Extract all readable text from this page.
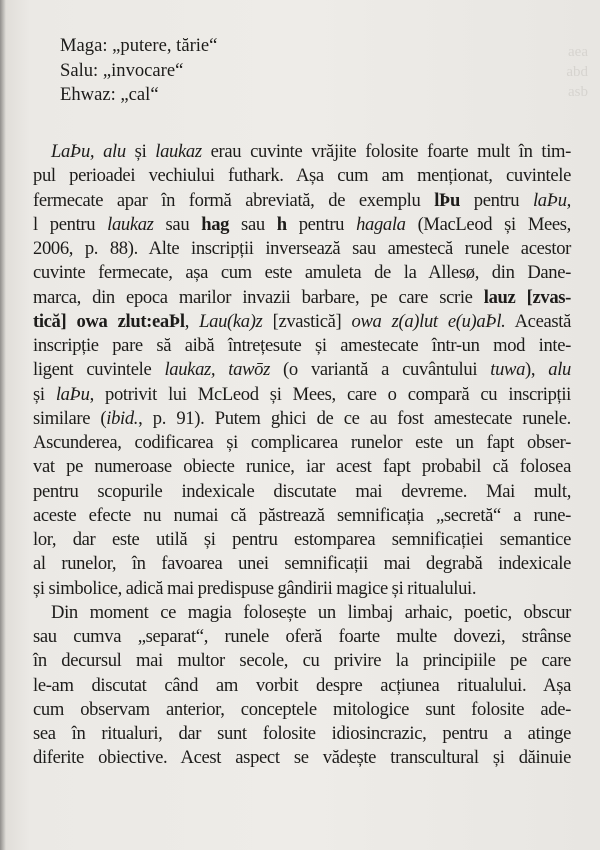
aea
abd
asb
Maga: „putere, tărie“
Salu: „invocare“
Ehwaz: „cal“
LaÞu, alu și laukaz erau cuvinte vrăjite folosite foarte mult în tim-
pul perioadei vechiului futhark. Așa cum am menționat, cuvintele
fermecate apar în formă abreviată, de exemplu lÞu pentru laÞu,
l pentru laukaz sau hag sau h pentru hagala (MacLeod și Mees,
2006, p. 88). Alte inscripții inversează sau amestecă runele acestor
cuvinte fermecate, așa cum este amuleta de la Allesø, din Dane-
marca, din epoca marilor invazii barbare, pe care scrie lauz [zvas-
tică] owa zlut:eaÞl, Lau(ka)z [zvastică] owa z(a)lut e(u)aÞl. Această
inscripție pare să aibă întrețesute și amestecate într-un mod inte-
ligent cuvintele laukaz, tawōz (o variantă a cuvântului tuwa), alu
și laÞu, potrivit lui McLeod și Mees, care o compară cu inscripții
similare (ibid., p. 91). Putem ghici de ce au fost amestecate runele.
Ascunderea, codificarea și complicarea runelor este un fapt obser-
vat pe numeroase obiecte runice, iar acest fapt probabil că folosea
pentru scopurile indexicale discutate mai devreme. Mai mult,
aceste efecte nu numai că păstrează semnificația „secretă“ a rune-
lor, dar este utilă și pentru estomparea semnificației semantice
al runelor, în favoarea unei semnificații mai degrabă indexicale
și simbolice, adică mai predispuse gândirii magice și ritualului.
Din moment ce magia folosește un limbaj arhaic, poetic, obscur
sau cumva „separat“, runele oferă foarte multe dovezi, strânse
în decursul mai multor secole, cu privire la principiile pe care
le-am discutat când am vorbit despre acțiunea ritualului. Așa
cum observam anterior, conceptele mitologice sunt folosite ade-
sea în ritualuri, dar sunt folosite idiosincrazic, pentru a atinge
diferite obiective. Acest aspect se vădește transcultural și dăinuie
